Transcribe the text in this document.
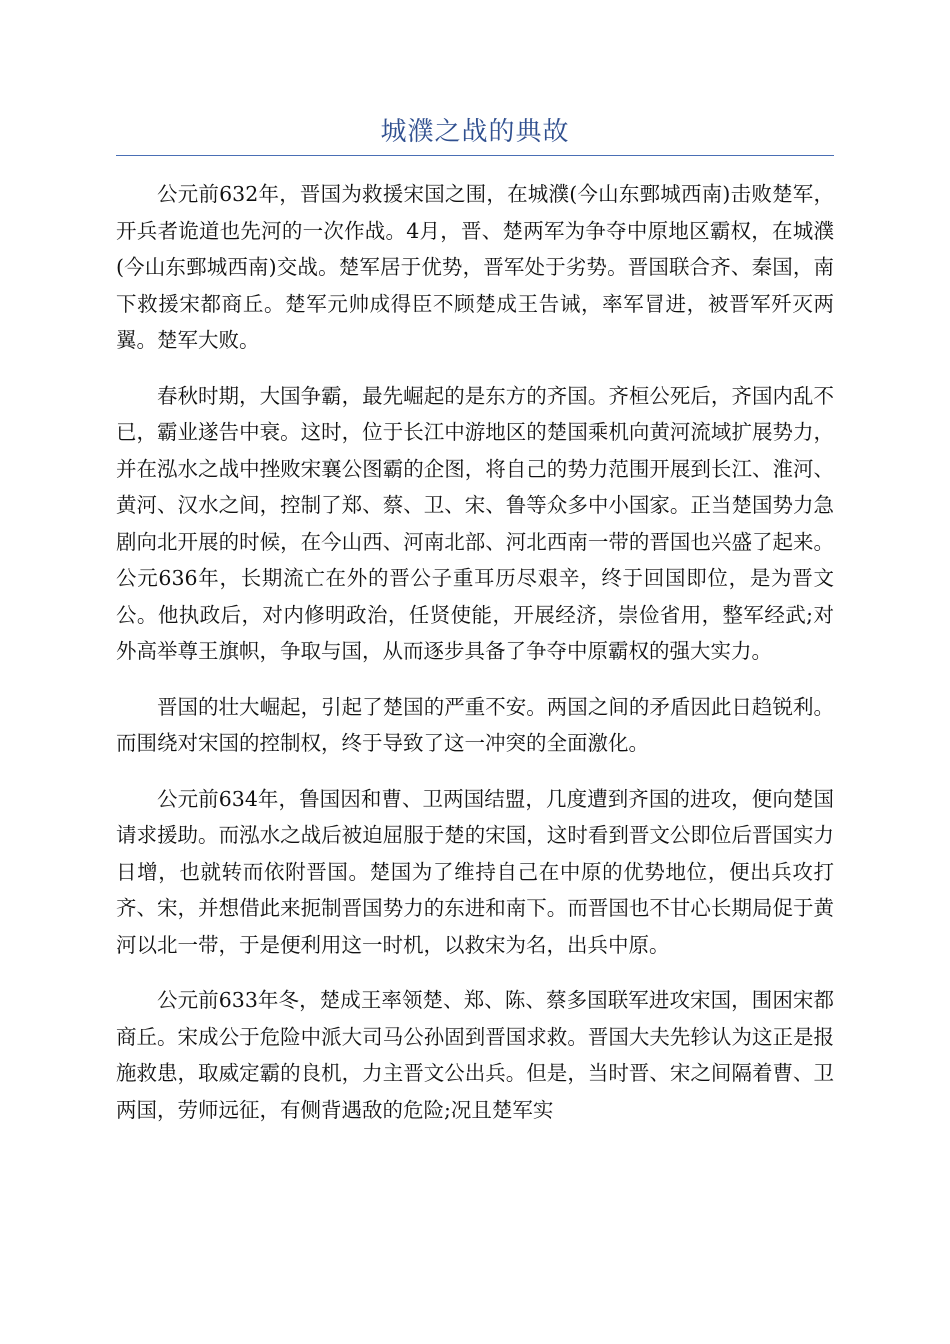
城濮之战的典故

公元前632年，晋国为救援宋国之围，在城濮(今山东鄄城西南)击败楚军，开兵者诡道也先河的一次作战。4月，晋、楚两军为争夺中原地区霸权，在城濮(今山东鄄城西南)交战。楚军居于优势，晋军处于劣势。晋国联合齐、秦国，南下救援宋都商丘。楚军元帅成得臣不顾楚成王告诫，率军冒进，被晋军歼灭两翼。楚军大败。

春秋时期，大国争霸，最先崛起的是东方的齐国。齐桓公死后，齐国内乱不已，霸业遂告中衰。这时，位于长江中游地区的楚国乘机向黄河流域扩展势力，并在泓水之战中挫败宋襄公图霸的企图，将自己的势力范围开展到长江、淮河、黄河、汉水之间，控制了郑、蔡、卫、宋、鲁等众多中小国家。正当楚国势力急剧向北开展的时候，在今山西、河南北部、河北西南一带的晋国也兴盛了起来。公元636年，长期流亡在外的晋公子重耳历尽艰辛，终于回国即位，是为晋文公。他执政后，对内修明政治，任贤使能，开展经济，崇俭省用，整军经武;对外高举尊王旗帜，争取与国，从而逐步具备了争夺中原霸权的强大实力。

晋国的壮大崛起，引起了楚国的严重不安。两国之间的矛盾因此日趋锐利。而围绕对宋国的控制权，终于导致了这一冲突的全面激化。

公元前634年，鲁国因和曹、卫两国结盟，几度遭到齐国的进攻，便向楚国请求援助。而泓水之战后被迫屈服于楚的宋国，这时看到晋文公即位后晋国实力日增，也就转而依附晋国。楚国为了维持自己在中原的优势地位，便出兵攻打齐、宋，并想借此来扼制晋国势力的东进和南下。而晋国也不甘心长期局促于黄河以北一带，于是便利用这一时机，以救宋为名，出兵中原。

公元前633年冬，楚成王率领楚、郑、陈、蔡多国联军进攻宋国，围困宋都商丘。宋成公于危险中派大司马公孙固到晋国求救。晋国大夫先轸认为这正是报施救患，取威定霸的良机，力主晋文公出兵。但是，当时晋、宋之间隔着曹、卫两国，劳师远征，有侧背遇敌的危险;况且楚军实
